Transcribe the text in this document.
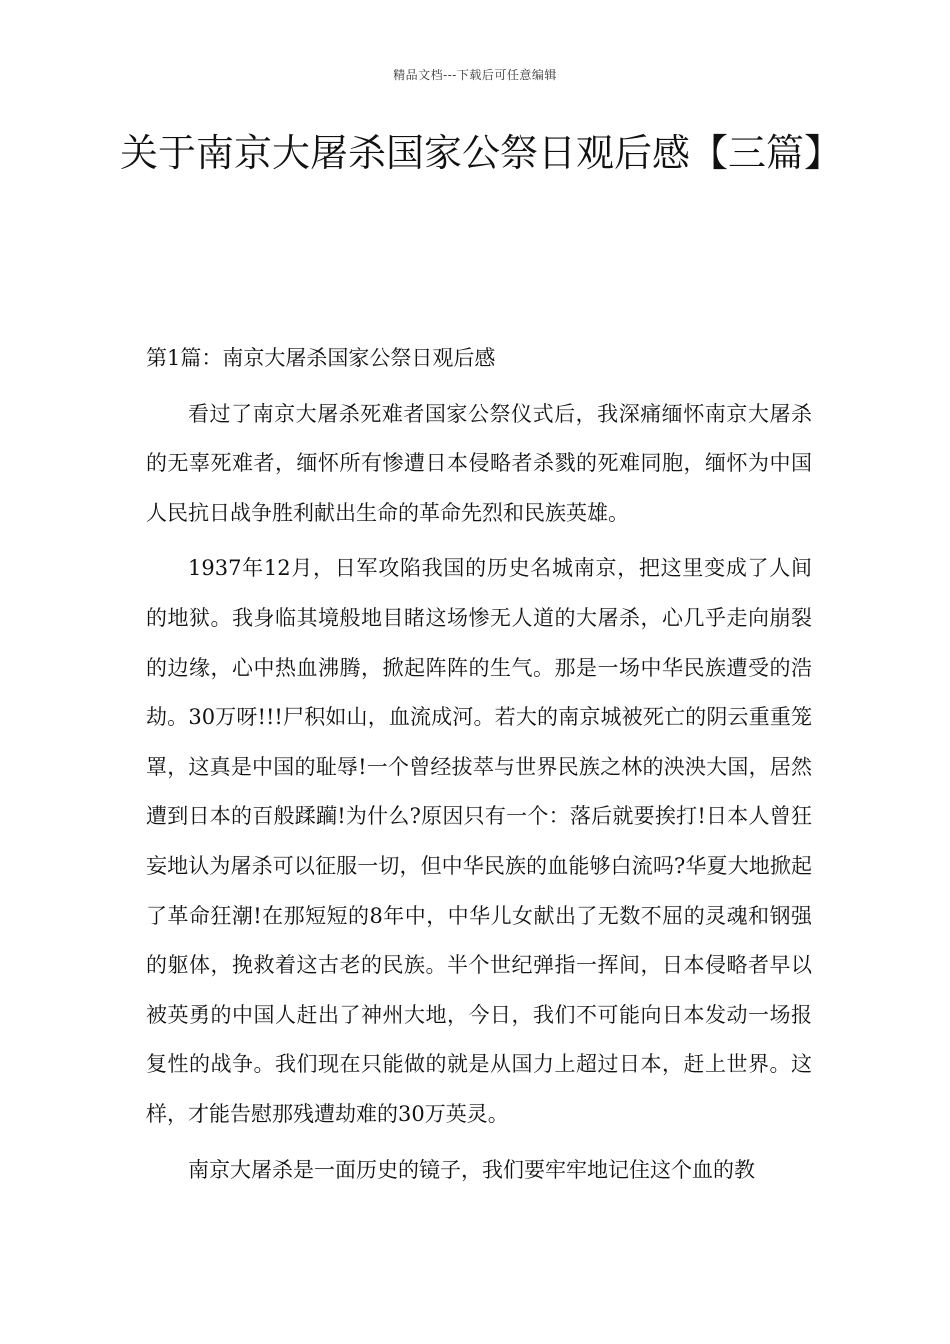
精品文档---下载后可任意编辑
关于南京大屠杀国家公祭日观后感【三篇】
第1篇：南京大屠杀国家公祭日观后感

看过了南京大屠杀死难者国家公祭仪式后，我深痛缅怀南京大屠杀的无辜死难者，缅怀所有惨遭日本侵略者杀戮的死难同胞，缅怀为中国人民抗日战争胜利献出生命的革命先烈和民族英雄。

1937年12月，日军攻陷我国的历史名城南京，把这里变成了人间的地狱。我身临其境般地目睹这场惨无人道的大屠杀，心几乎走向崩裂的边缘，心中热血沸腾，掀起阵阵的生气。那是一场中华民族遭受的浩劫。30万呀!!!尸积如山，血流成河。若大的南京城被死亡的阴云重重笼罩，这真是中国的耻辱!一个曾经拔萃与世界民族之林的泱泱大国，居然遭到日本的百般蹂躏!为什么?原因只有一个：落后就要挨打!日本人曾狂妄地认为屠杀可以征服一切，但中华民族的血能够白流吗?华夏大地掀起了革命狂潮!在那短短的8年中，中华儿女献出了无数不屈的灵魂和钢强的躯体，挽救着这古老的民族。半个世纪弹指一挥间，日本侵略者早以被英勇的中国人赶出了神州大地，今日，我们不可能向日本发动一场报复性的战争。我们现在只能做的就是从国力上超过日本，赶上世界。这样，才能告慰那残遭劫难的30万英灵。

南京大屠杀是一面历史的镜子，我们要牢牢地记住这个血的教
